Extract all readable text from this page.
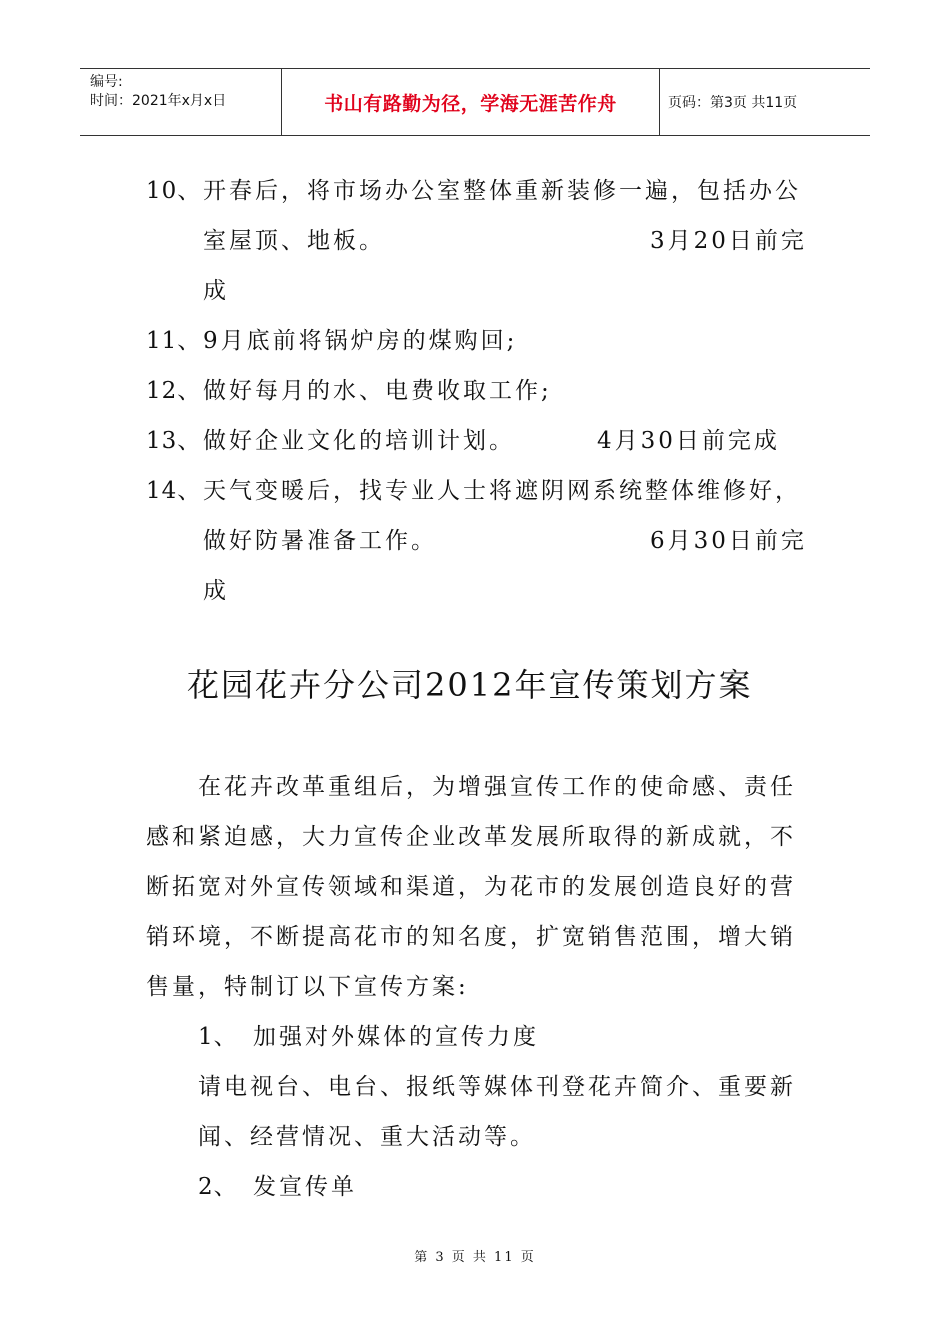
编号:
时间：2021年x月x日	书山有路勤为径，学海无涯苦作舟	页码：第3页 共11页
10、 开春后，将市场办公室整体重新装修一遍，包括办公
室屋顶、地板。	3月20日前完
成
11、 9月底前将锅炉房的煤购回;
12、 做好每月的水、电费收取工作;
13、 做好企业文化的培训计划。	4月30日前完成
14、 天气变暖后，找专业人士将遮阴网系统整体维修好，
做好防暑准备工作。	6月30日前完
成
花园花卉分公司2012年宣传策划方案
在花卉改革重组后，为增强宣传工作的使命感、责任
感和紧迫感，大力宣传企业改革发展所取得的新成就，不
断拓宽对外宣传领域和渠道，为花市的发展创造良好的营
销环境，不断提高花市的知名度，扩宽销售范围，增大销
售量，特制订以下宣传方案:
1、 加强对外媒体的宣传力度
请电视台、电台、报纸等媒体刊登花卉简介、重要新
闻、经营情况、重大活动等。
2、 发宣传单
第 3 页 共 11 页
